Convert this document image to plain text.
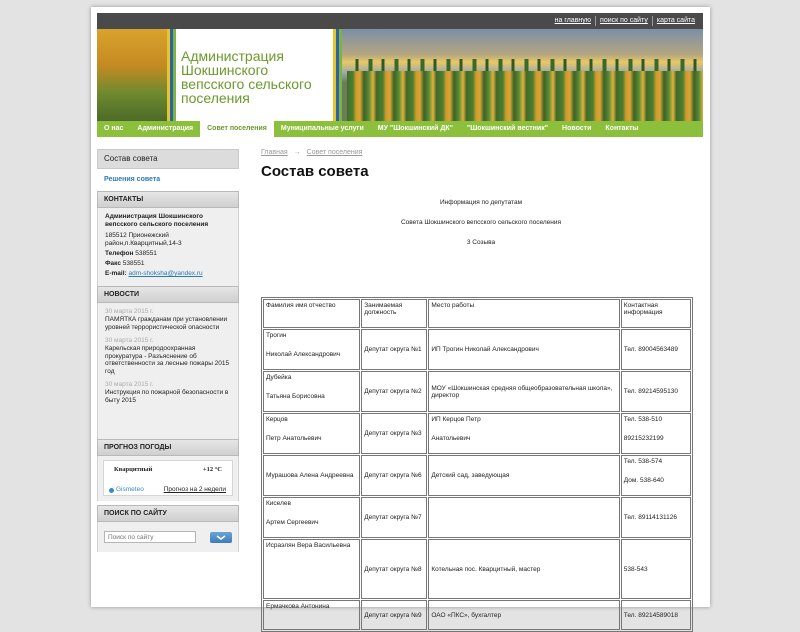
на главную	поиск по сайту	карта сайта
Администрация Шокшинского вепсского сельского поселения
О нас	Администрация	Совет поселения	Муниципальные услуги	МУ "Шокшинский ДК"	"Шокшинский вестник"	Новости	Контакты
Состав совета
Решения совета
КОНТАКТЫ
Администрация Шокшинского вепсского сельского поселения
185512 Прионежский район,п.Кварцитный,14-3
Телефон 538551
Факс 538551
E-mail: adm-shoksha@yandex.ru
НОВОСТИ
30 марта 2015 г.
ПАМЯТКА гражданам при установлении уровней террористической опасности
30 марта 2015 г.
Карельская природоохранная прокуратура - Разъяснение об ответственности за лесные пожары 2015 год
30 марта 2015 г.
Инструкция по пожарной безопасности в быту 2015
ПРОГНОЗ ПОГОДЫ
Кварцитный	+12 °C
Gismeteo	Прогноз на 2 недели
ПОИСК ПО САЙТУ
Поиск по сайту
Главная → Совет поселения
Состав совета
Информация по депутатам
Совета Шокшинского вепсского сельского поселения
3 Созыва
Фамилия имя отчество	Занимаемая должность	Место работы	Контактная информация

Трогин
Николай Александрович	Депутат округа №1	ИП Трогин Николай Александрович	Тел. 89004563489

Дубейка
Татьяна Борисовна	Депутат округа №2	МОУ «Шокшинская средняя общеобразовательная школа», директор	Тел. 89214595130

Керцов
Петр Анатольевич	Депутат округа №3	ИП Керцов Петр
Анатольевич	Тел. 538-510
89215232199

Мурашова Алена Андреевна	Депутат округа №6	Детский сад, заведующая	Тел. 538-574
Дом. 538-640

Киселев
Артем Сергеевич	Депутат округа №7		Тел. 89114131126
Исраэлян Вера Васильевна	Депутат округа №8	Котельная пос. Кварцитный, мастер	538-543
Ермачкова Антонина	Депутат округа №9	ОАО «ПКС», бухгалтер	Тел. 89214589018
